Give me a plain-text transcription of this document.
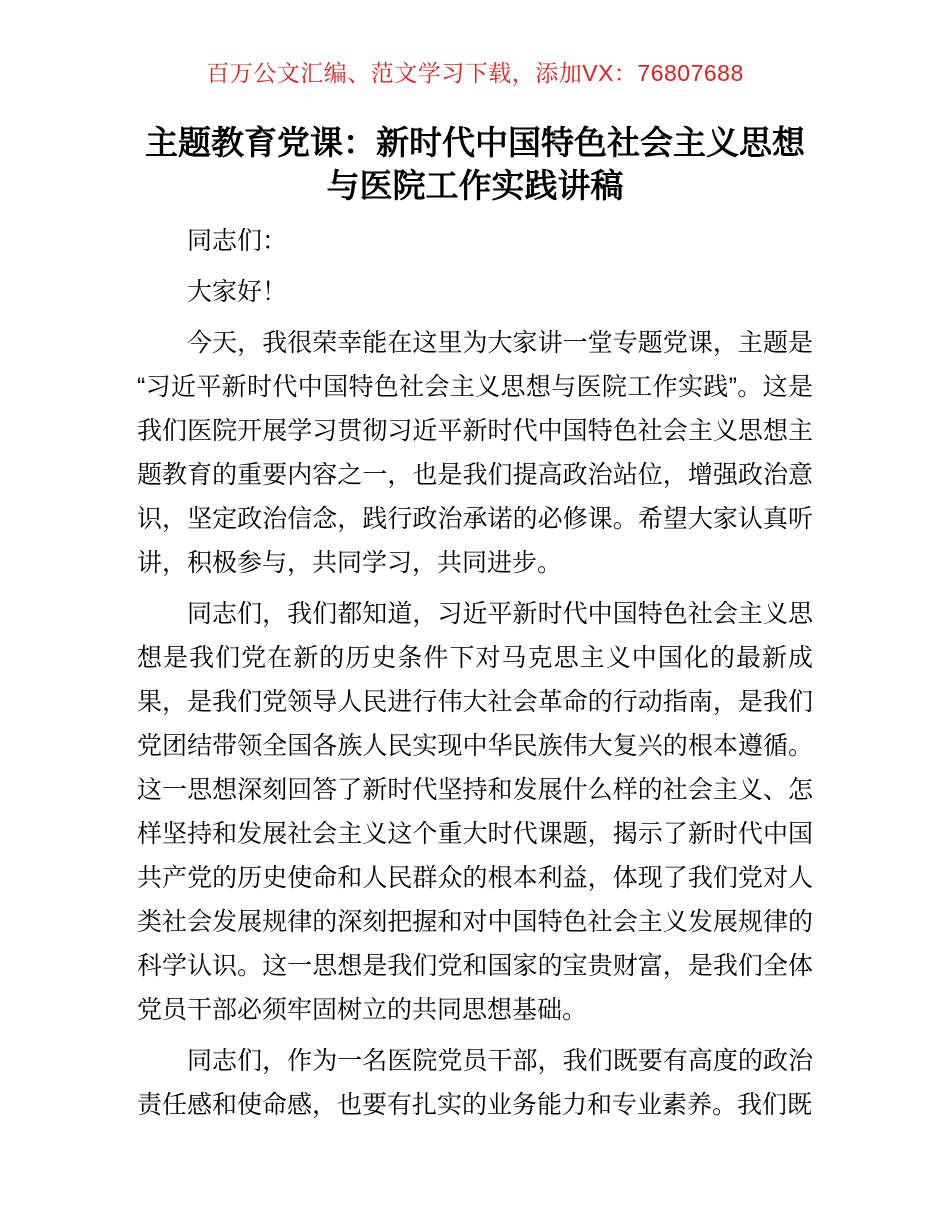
百万公文汇编、范文学习下载，添加VX：76807688
主题教育党课：新时代中国特色社会主义思想
与医院工作实践讲稿

同志们：

大家好！

今天，我很荣幸能在这里为大家讲一堂专题党课，主题是“习近平新时代中国特色社会主义思想与医院工作实践”。这是我们医院开展学习贯彻习近平新时代中国特色社会主义思想主题教育的重要内容之一，也是我们提高政治站位，增强政治意识，坚定政治信念，践行政治承诺的必修课。希望大家认真听讲，积极参与，共同学习，共同进步。

同志们，我们都知道，习近平新时代中国特色社会主义思想是我们党在新的历史条件下对马克思主义中国化的最新成果，是我们党领导人民进行伟大社会革命的行动指南，是我们党团结带领全国各族人民实现中华民族伟大复兴的根本遵循。这一思想深刻回答了新时代坚持和发展什么样的社会主义、怎样坚持和发展社会主义这个重大时代课题，揭示了新时代中国共产党的历史使命和人民群众的根本利益，体现了我们党对人类社会发展规律的深刻把握和对中国特色社会主义发展规律的科学认识。这一思想是我们党和国家的宝贵财富，是我们全体党员干部必须牢固树立的共同思想基础。

同志们，作为一名医院党员干部，我们既要有高度的政治责任感和使命感，也要有扎实的业务能力和专业素养。我们既
